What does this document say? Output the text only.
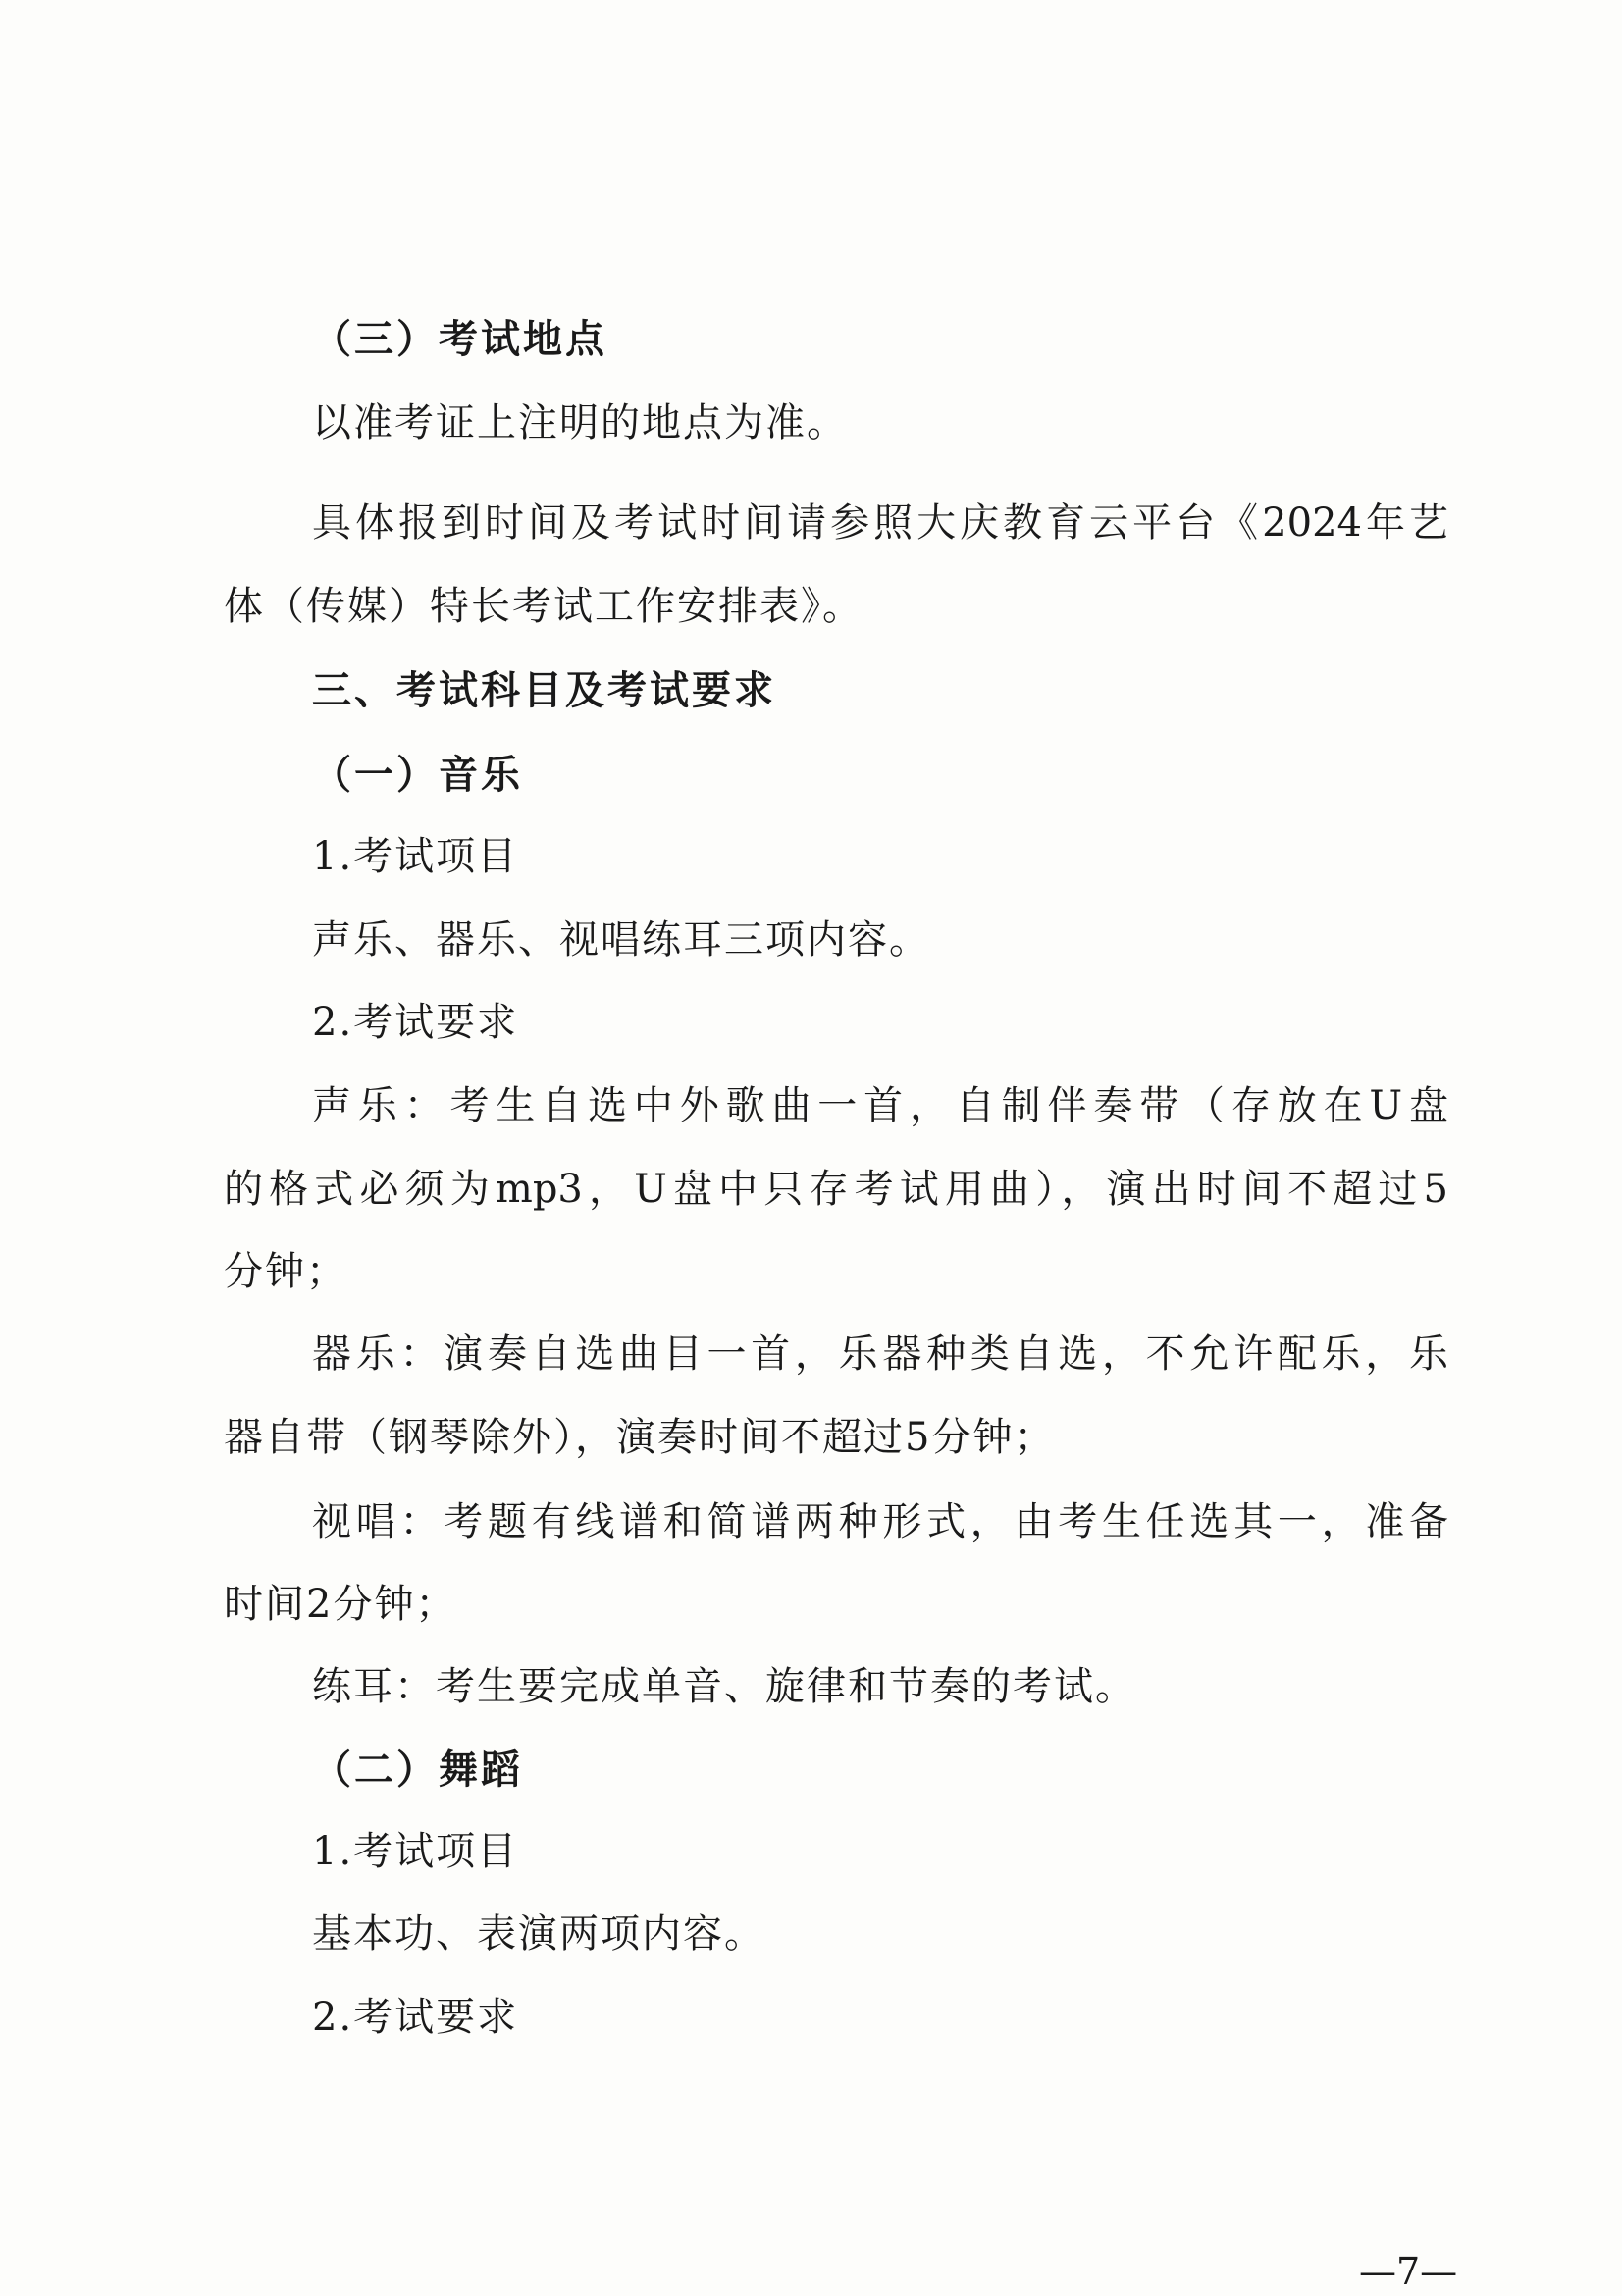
（三）考试地点
以准考证上注明的地点为准。
具体报到时间及考试时间请参照大庆教育云平台《2024年艺
体（传媒）特长考试工作安排表》。
三、考试科目及考试要求
（一）音乐
1.考试项目
声乐、器乐、视唱练耳三项内容。
2.考试要求
声乐：考生自选中外歌曲一首，自制伴奏带（存放在U盘
的格式必须为mp3，U盘中只存考试用曲），演出时间不超过5
分钟；
器乐：演奏自选曲目一首，乐器种类自选，不允许配乐，乐
器自带（钢琴除外），演奏时间不超过5分钟；
视唱：考题有线谱和简谱两种形式，由考生任选其一，准备
时间2分钟；
练耳：考生要完成单音、旋律和节奏的考试。
（二）舞蹈
1.考试项目
基本功、表演两项内容。
2.考试要求
—7—
